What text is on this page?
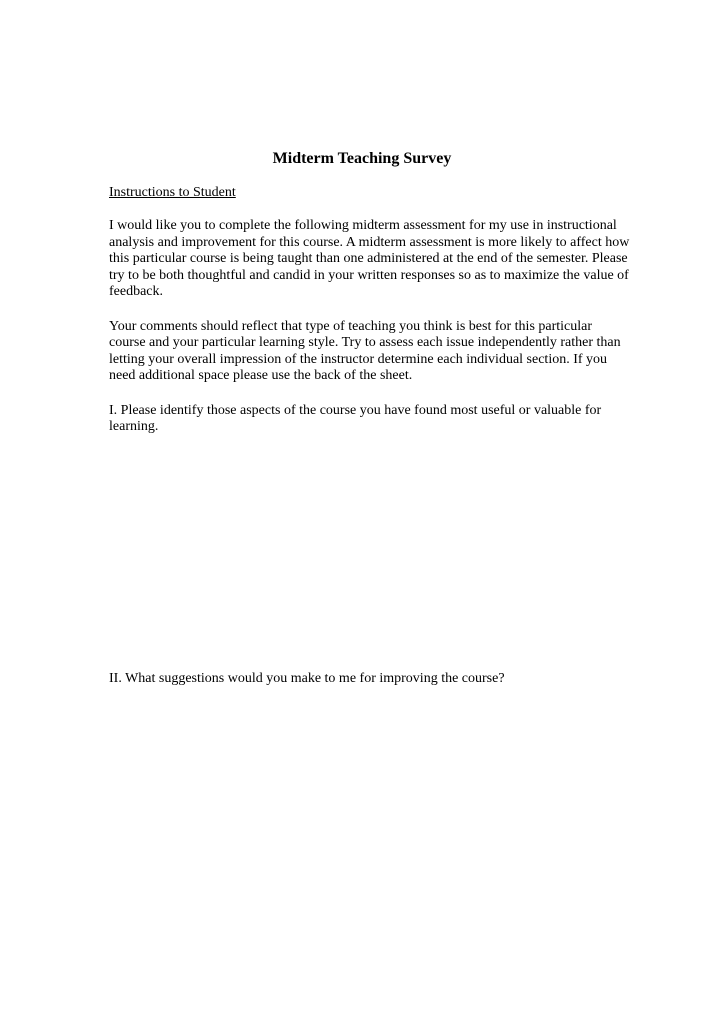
Midterm Teaching Survey

Instructions to Student

I would like you to complete the following midterm assessment for my use in instructional analysis and improvement for this course. A midterm assessment is more likely to affect how this particular course is being taught than one administered at the end of the semester. Please try to be both thoughtful and candid in your written responses so as to maximize the value of feedback.

Your comments should reflect that type of teaching you think is best for this particular course and your particular learning style. Try to assess each issue independently rather than letting your overall impression of the instructor determine each individual section. If you need additional space please use the back of the sheet.

I. Please identify those aspects of the course you have found most useful or valuable for learning.

II. What suggestions would you make to me for improving the course?
